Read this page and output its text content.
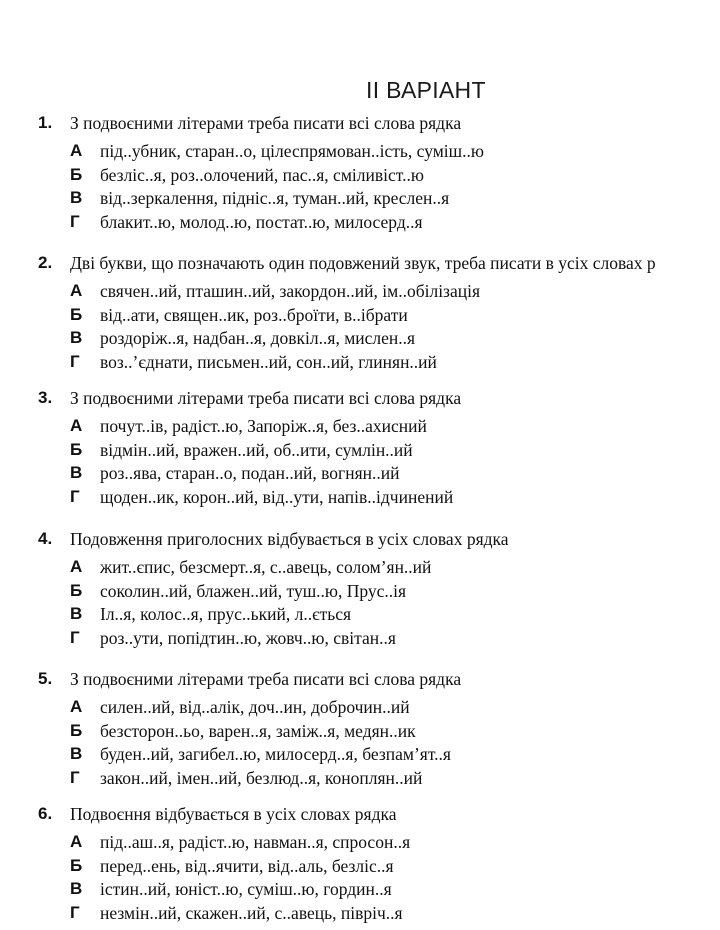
II ВАРІАНТ
1. З подвоєними літерами треба писати всі слова рядка
А під..убник, старан..о, цілеспрямован..ість, суміш..ю
Б безліс..я, роз..олочений, пас..я, сміливіст..ю
В від..зеркалення, підніс..я, туман..ий, креслен..я
Г блакит..ю, молод..ю, постат..ю, милосерд..я
2. Дві букви, що позначають один подовжений звук, треба писати в усіх словах р
А свячен..ий, пташин..ий, закордон..ий, ім..обілізація
Б від..ати, священ..ик, роз..броїти, в..ібрати
В роздоріж..я, надбан..я, довкіл..я, мислен..я
Г воз..’єднати, письмен..ий, сон..ий, глинян..ий
3. З подвоєними літерами треба писати всі слова рядка
А почут..ів, радіст..ю, Запоріж..я, без..ахисний
Б відмін..ий, вражен..ий, об..ити, сумлін..ий
В роз..ява, старан..о, подан..ий, вогнян..ий
Г щоден..ик, корон..ий, від..ути, напів..ідчинений
4. Подовження приголосних відбувається в усіх словах рядка
А жит..єпис, безсмерт..я, с..авець, солом’ян..ий
Б соколин..ий, блажен..ий, туш..ю, Прус..ія
В Іл..я, колос..я, прус..ький, л..ється
Г роз..ути, попідтин..ю, жовч..ю, світан..я
5. З подвоєними літерами треба писати всі слова рядка
А силен..ий, від..алік, доч..ин, доброчин..ий
Б безсторон..ьо, варен..я, заміж..я, медян..ик
В буден..ий, загибел..ю, милосерд..я, безпам’ят..я
Г закон..ий, імен..ий, безлюд..я, коноплян..ий
6. Подвоєння відбувається в усіх словах рядка
А під..аш..я, радіст..ю, навман..я, спросон..я
Б перед..ень, від..ячити, від..аль, безліс..я
В істин..ий, юніст..ю, суміш..ю, гордин..я
Г незмін..ий, скажен..ий, с..авець, півріч..я
